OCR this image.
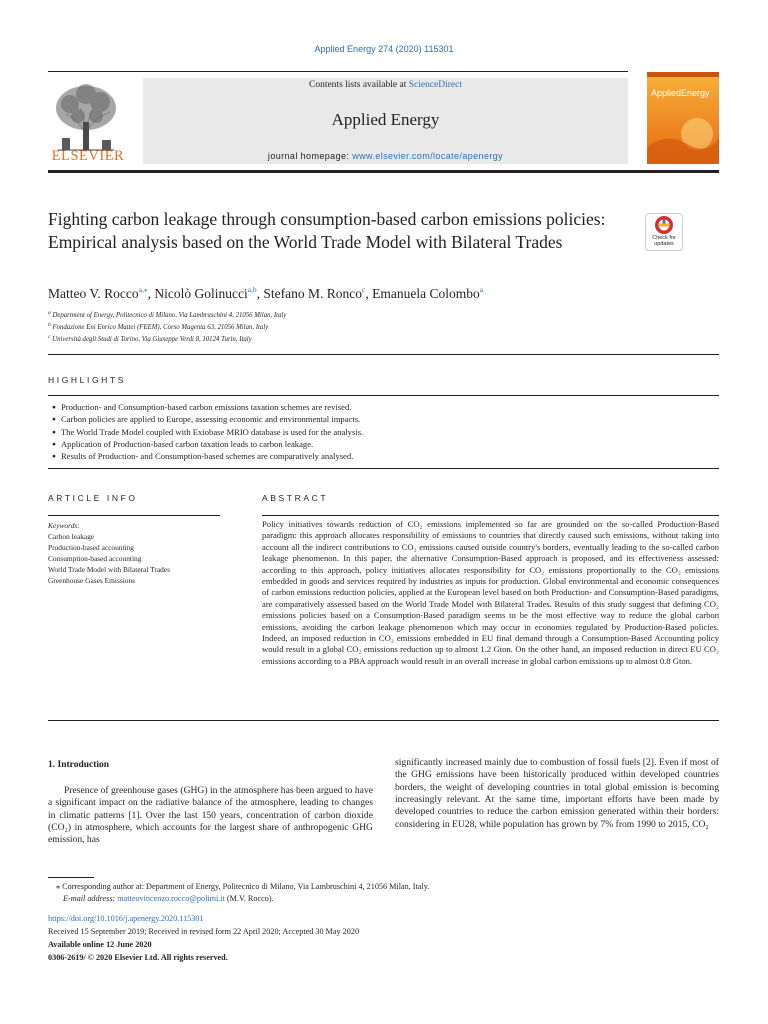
Applied Energy 274 (2020) 115301
ELSEVIER
Contents lists available at ScienceDirect
Applied Energy
journal homepage: www.elsevier.com/locate/apenergy
AppliedEnergy
Fighting carbon leakage through consumption-based carbon emissions policies: Empirical analysis based on the World Trade Model with Bilateral Trades	Check for updates
Matteo V. Rocco$^{a,⁎}$, Nicolò Golinucci$^{a,b}$, Stefano M. Ronco$^c$, Emanuela Colombo$^a$
$^a$ Department of Energy, Politecnico di Milano, Via Lambruschini 4, 21056 Milan, Italy
$^b$ Fondazione Eni Enrico Mattei (FEEM), Corso Magenta 63, 21056 Milan, Italy
$^c$ Università degli Studi di Torino, Via Giuseppe Verdi 8, 10124 Turin, Italy
HIGHLIGHTS
● Production- and Consumption-based carbon emissions taxation schemes are revised.
● Carbon policies are applied to Europe, assessing economic and environmental impacts.
● The World Trade Model coupled with Exiobase MRIO database is used for the analysis.
● Application of Production-based carbon taxation leads to carbon leakage.
● Results of Production- and Consumption-based schemes are comparatively analysed.
ARTICLE INFO	ABSTRACT
Keywords:
Carbon leakage
Production-based accounting
Consumption-based accounting
World Trade Model with Bilateral Trades
Greenhouse Gases Emissions
Policy initiatives towards reduction of CO₂ emissions implemented so far are grounded on the so-called Production-Based paradigm: this approach allocates responsibility of emissions to countries that directly caused such emissions, without taking into account all the indirect contributions to CO₂ emissions caused outside country's borders, eventually leading to the so-called carbon leakage phenomenon. In this paper, the alternative Consumption-Based approach is proposed, and its effectiveness assessed: according to this approach, policy initiatives allocates responsibility for CO₂ emissions proportionally to the CO₂ emissions embedded in goods and services required by industries as inputs for production. Global environmental and economic consequences of carbon emissions reduction policies, applied at the European level based on both Production- and Consumption-Based paradigms, are comparatively assessed based on the World Trade Model with Bilateral Trades. Results of this study suggest that defining CO₂ emissions policies based on a Consumption-Based paradigm seems to be the most effective way to reduce the global carbon emissions, avoiding the carbon leakage phenomenon which may occur in economies regulated by Production-Based policies. Indeed, an imposed reduction in CO₂ emissions embedded in EU final demand through a Consumption-Based Accounting policy would result in a global CO₂ emissions reduction up to almost 1.2 Gton. On the other hand, an imposed reduction in direct EU CO₂ emissions according to a PBA approach would result in an overall increase in global carbon emissions up to almost 0.8 Gton.
1. Introduction
Presence of greenhouse gases (GHG) in the atmosphere has been argued to have a significant impact on the radiative balance of the atmosphere, leading to changes in climatic patterns [1]. Over the last 150 years, concentration of carbon dioxide (CO₂) in atmosphere, which accounts for the largest share of anthropogenic GHG emission, has
significantly increased mainly due to combustion of fossil fuels [2]. Even if most of the GHG emissions have been historically produced within developed countries borders, the weight of developing countries in total global emission is becoming increasingly relevant. At the same time, important efforts have been made by developed countries to reduce the carbon emission generated within their borders: considering in EU28, while population has grown by 7% from 1990 to 2015, CO₂
⁎ Corresponding author at: Department of Energy, Politecnico di Milano, Via Lambruschini 4, 21056 Milan, Italy.
E-mail address: matteovincenzo.rocco@polimi.it (M.V. Rocco).
https://doi.org/10.1016/j.apenergy.2020.115301
Received 15 September 2019; Received in revised form 22 April 2020; Accepted 30 May 2020
Available online 12 June 2020
0306-2619/ © 2020 Elsevier Ltd. All rights reserved.
